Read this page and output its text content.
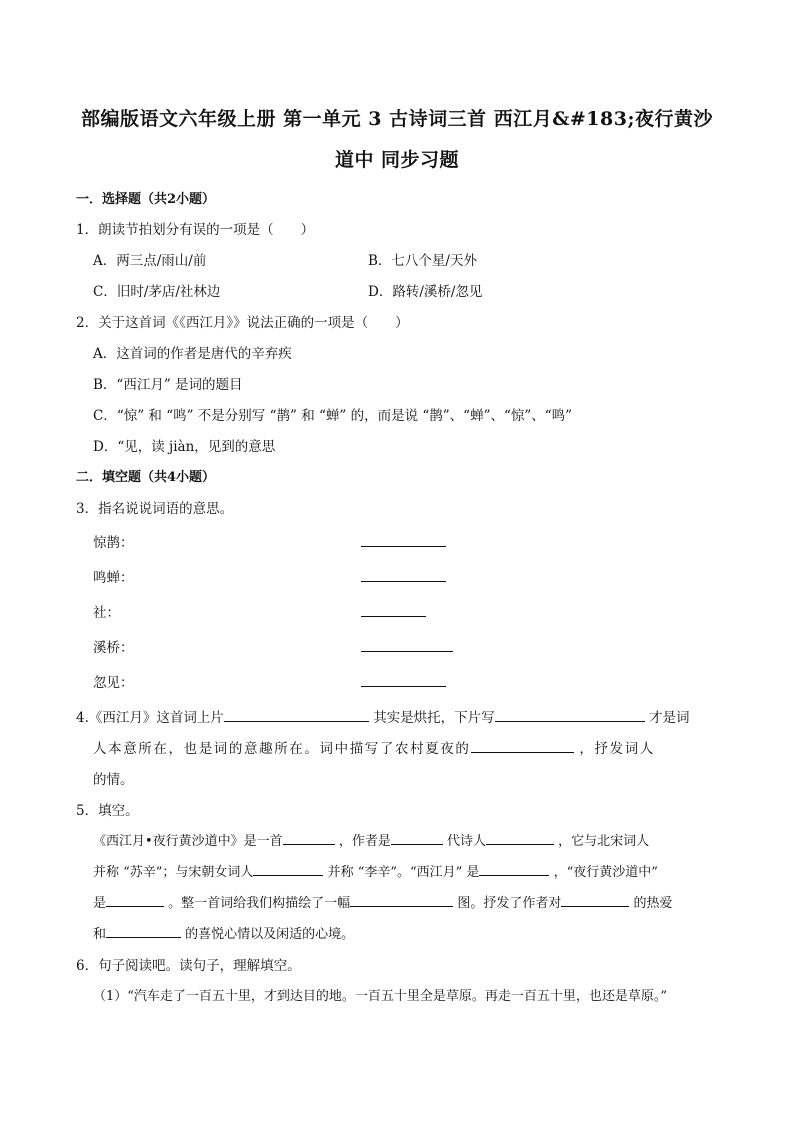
部编版语文六年级上册 第一单元 3 古诗词三首 西江月&#183;夜行黄沙
道中 同步习题
一．选择题（共2小题）
1．朗读节拍划分有误的一项是（　　）
A．两三点/雨山/前	B．七八个星/天外
C．旧时/茅店/社林边	D．路转/溪桥/忽见
2．关于这首词《《西江月》》说法正确的一项是（　　）
A．这首词的作者是唐代的辛弃疾
B．“西江月” 是词的题目
C．“惊” 和 “鸣” 不是分别写 “鹊” 和 “蝉” 的，而是说 “鹊”、“蝉”、“惊”、“鸣”
D．“见，读 jiàn，见到的意思
二．填空题（共4小题）
3．指名说说词语的意思。
惊鹊：
鸣蝉：
社：
溪桥：
忽见：
4.《西江月》这首词上片	其实是烘托，下片写	才是词
人本意所在，也是词的意趣所在。词中描写了农村夏夜的	，抒发词人
的情。
5．填空。
《西江月•夜行黄沙道中》是一首	，作者是	代诗人	，它与北宋词人
并称 “苏辛”；与宋朝女词人	并称 “李辛”。“西江月” 是	，“夜行黄沙道中”
是	。整一首词给我们构描绘了一幅	图。抒发了作者对	的热爱
和	的喜悦心情以及闲适的心境。
6．句子阅读吧。读句子，理解填空。
（1）“汽车走了一百五十里，才到达目的地。一百五十里全是草原。再走一百五十里，也还是草原。”
